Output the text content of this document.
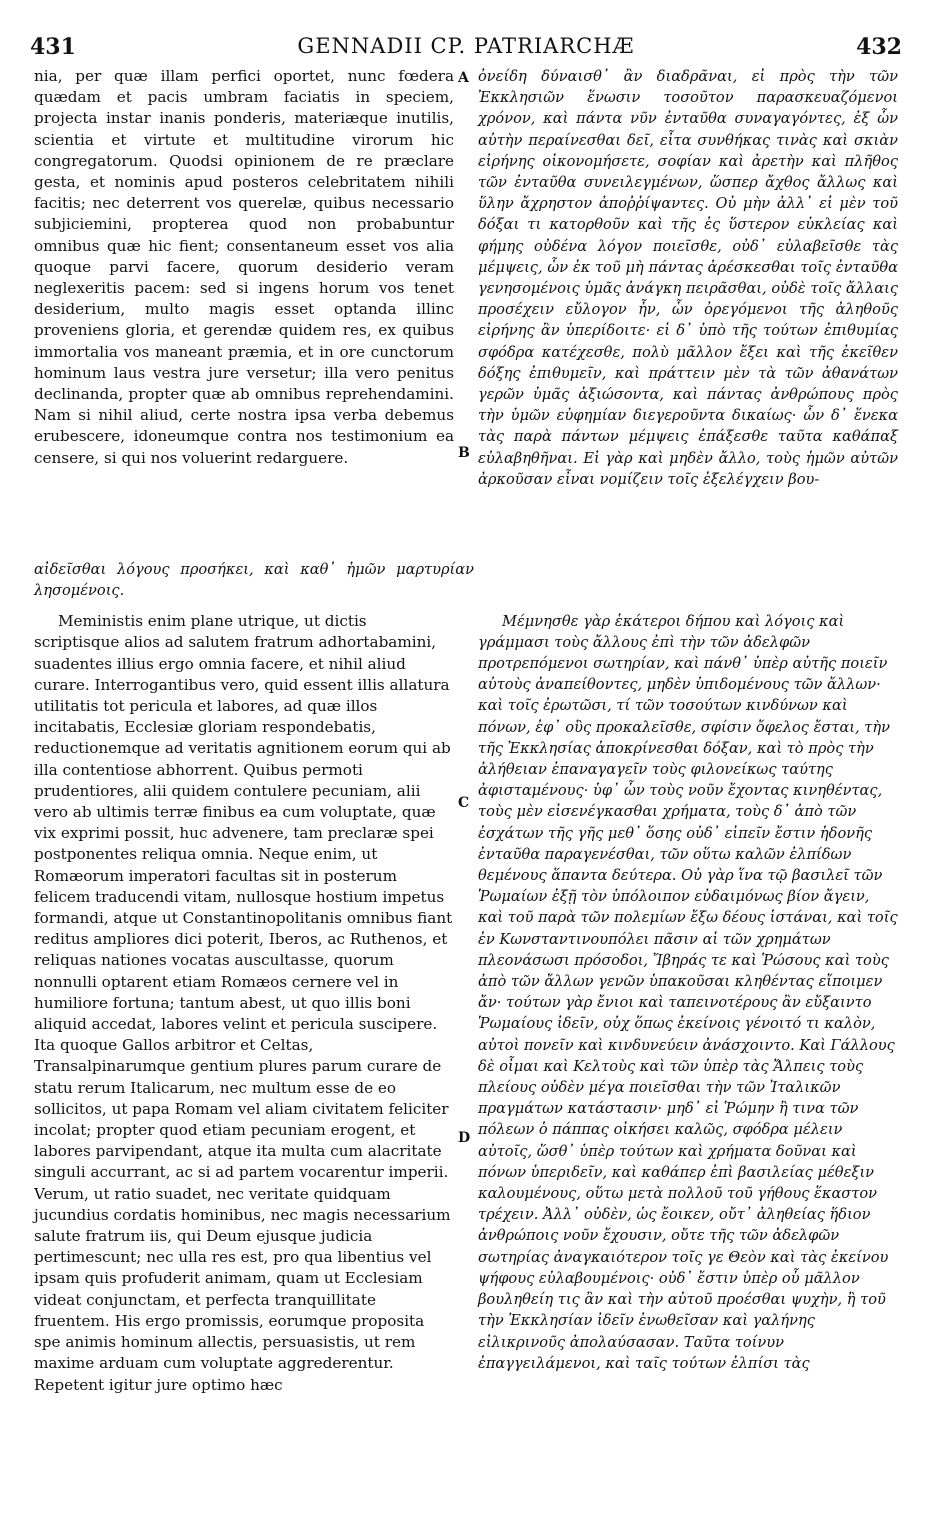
431	GENNADII CP. PATRIARCHÆ	432
A
B
C
D

nia, per quæ illam perfici oportet, nunc fœdera quædam et pacis umbram faciatis in speciem, projecta instar inanis ponderis, materiæque inutilis, scientia et virtute et multitudine virorum hic congregatorum. Quodsi opinionem de re præclare gesta, et nominis apud posteros celebritatem nihili facitis; nec deterrent vos querelæ, quibus necessario subjiciemini, propterea quod non probabuntur omnibus quæ hic fient; consentaneum esset vos alia quoque parvi facere, quorum desiderio veram neglexeritis pacem: sed si ingens horum vos tenet desiderium, multo magis esset optanda illinc proveniens gloria, et gerendæ quidem res, ex quibus immortalia vos maneant præmia, et in ore cunctorum hominum laus vestra jure versetur; illa vero penitus declinanda, propter quæ ab omnibus reprehendamini. Nam si nihil aliud, certe nostra ipsa verba debemus erubescere, idoneumque contra nos testimonium ea censere, si qui nos voluerint redarguere.

ὀνείδη δύναισθ᾽ ἂν διαδρᾶναι, εἰ πρὸς τὴν τῶν Ἐκκλησιῶν ἕνωσιν τοσοῦτον παρασκευαζόμενοι χρόνον, καὶ πάντα νῦν ἐνταῦθα συναγαγόντες, ἐξ ὧν αὐτὴν περαίνεσθαι δεῖ, εἶτα συνθήκας τινὰς καὶ σκιὰν εἰρήνης οἰκονομήσετε, σοφίαν καὶ ἀρετὴν καὶ πλῆθος τῶν ἐνταῦθα συνειλεγμένων, ὥσπερ ἄχθος ἄλλως καὶ ὕλην ἄχρηστον ἀποῤῥίψαντες. Οὐ μὴν ἀλλ᾽ εἰ μὲν τοῦ δόξαι τι κατορθοῦν καὶ τῆς ἐς ὕστερον εὐκλείας καὶ φήμης οὐδένα λόγον ποιεῖσθε, οὐδ᾽ εὐλαβεῖσθε τὰς μέμψεις, ὧν ἐκ τοῦ μὴ πάντας ἀρέσκεσθαι τοῖς ἐνταῦθα γενησομένοις ὑμᾶς ἀνάγκη πειρᾶσθαι, οὐδὲ τοῖς ἄλλαις προσέχειν εὔλογον ἦν, ὧν ὀρεγόμενοι τῆς ἀληθοῦς εἰρήνης ἂν ὑπερίδοιτε· εἰ δ᾽ ὑπὸ τῆς τούτων ἐπιθυμίας σφόδρα κατέχεσθε, πολὺ μᾶλλον ἔξει καὶ τῆς ἐκεῖθεν δόξης ἐπιθυμεῖν, καὶ πράττειν μὲν τὰ τῶν ἀθανάτων γερῶν ὑμᾶς ἀξιώσοντα, καὶ πάντας ἀνθρώπους πρὸς τὴν ὑμῶν εὐφημίαν διεγεροῦντα δικαίως· ὧν δ᾽ ἕνεκα τὰς παρὰ πάντων μέμψεις ἐπάξεσθε ταῦτα καθάπαξ εὐλαβηθῆναι. Εἰ γὰρ καὶ μηδὲν ἄλλο, τοὺς ἡμῶν αὐτῶν ἀρκοῦσαν εἶναι νομίζειν τοῖς ἐξελέγχειν βου-

αἰδεῖσθαι λόγους προσήκει, καὶ καθ᾽ ἡμῶν μαρτυρίαν λησομένοις.

Meministis enim plane utrique, ut dictis scriptisque alios ad salutem fratrum adhortabamini, suadentes illius ergo omnia facere, et nihil aliud curare. Interrogantibus vero, quid essent illis allatura utilitatis tot pericula et labores, ad quæ illos incitabatis, Ecclesiæ gloriam respondebatis, reductionemque ad veritatis agnitionem eorum qui ab illa contentiose abhorrent. Quibus permoti prudentiores, alii quidem contulere pecuniam, alii vero ab ultimis terræ finibus ea cum voluptate, quæ vix exprimi possit, huc advenere, tam preclaræ spei postponentes reliqua omnia. Neque enim, ut Romæorum imperatori facultas sit in posterum felicem traducendi vitam, nullosque hostium impetus formandi, atque ut Constantinopolitanis omnibus fiant reditus ampliores dici poterit, Iberos, ac Ruthenos, et reliquas nationes vocatas auscultasse, quorum nonnulli optarent etiam Romæos cernere vel in humiliore fortuna; tantum abest, ut quo illis boni aliquid accedat, labores velint et pericula suscipere. Ita quoque Gallos arbitror et Celtas, Transalpinarumque gentium plures parum curare de statu rerum Italicarum, nec multum esse de eo sollicitos, ut papa Romam vel aliam civitatem feliciter incolat; propter quod etiam pecuniam erogent, et labores parvipendant, atque ita multa cum alacritate singuli accurrant, ac si ad partem vocarentur imperii. Verum, ut ratio suadet, nec veritate quidquam jucundius cordatis hominibus, nec magis necessarium salute fratrum iis, qui Deum ejusque judicia pertimescunt; nec ulla res est, pro qua libentius vel ipsam quis profuderit animam, quam ut Ecclesiam videat conjunctam, et perfecta tranquillitate fruentem. His ergo promissis, eorumque proposita spe animis hominum allectis, persuasistis, ut rem maxime arduam cum voluptate aggrederentur. Repetent igitur jure optimo hæc

Μέμνησθε γὰρ ἑκάτεροι δήπου καὶ λόγοις καὶ γράμμασι τοὺς ἄλλους ἐπὶ τὴν τῶν ἀδελφῶν προτρεπόμενοι σωτηρίαν, καὶ πάνθ᾽ ὑπὲρ αὐτῆς ποιεῖν αὐτοὺς ἀναπείθοντες, μηδὲν ὑπιδομένους τῶν ἄλλων· καὶ τοῖς ἐρωτῶσι, τί τῶν τοσούτων κινδύνων καὶ πόνων, ἐφ᾽ οὓς προκαλεῖσθε, σφίσιν ὄφελος ἔσται, τὴν τῆς Ἐκκλησίας ἀποκρίνεσθαι δόξαν, καὶ τὸ πρὸς τὴν ἀλήθειαν ἐπαναγαγεῖν τοὺς φιλονείκως ταύτης ἀφισταμένους· ὑφ᾽ ὧν τοὺς νοῦν ἔχοντας κινηθέντας, τοὺς μὲν εἰσενέγκασθαι χρήματα, τοὺς δ᾽ ἀπὸ τῶν ἐσχάτων τῆς γῆς μεθ᾽ ὅσης οὐδ᾽ εἰπεῖν ἔστιν ἡδονῆς ἐνταῦθα παραγενέσθαι, τῶν οὕτω καλῶν ἐλπίδων θεμένους ἅπαντα δεύτερα. Οὐ γὰρ ἵνα τῷ βασιλεῖ τῶν Ῥωμαίων ἐξῇ τὸν ὑπόλοιπον εὐδαιμόνως βίον ἄγειν, καὶ τοῦ παρὰ τῶν πολεμίων ἔξω δέους ἱστάναι, καὶ τοῖς ἐν Κωνσταντινουπόλει πᾶσιν αἱ τῶν χρημάτων πλεονάσωσι πρόσοδοι, Ἴβηράς τε καὶ Ῥώσους καὶ τοὺς ἀπὸ τῶν ἄλλων γενῶν ὑπακοῦσαι κληθέντας εἴποιμεν ἄν· τούτων γὰρ ἔνιοι καὶ ταπεινοτέρους ἂν εὔξαιντο Ῥωμαίους ἰδεῖν, οὐχ ὅπως ἐκείνοις γένοιτό τι καλὸν, αὐτοὶ πονεῖν καὶ κινδυνεύειν ἀνάσχοιντο. Καὶ Γάλλους δὲ οἶμαι καὶ Κελτοὺς καὶ τῶν ὑπὲρ τὰς Ἄλπεις τοὺς πλείους οὐδὲν μέγα ποιεῖσθαι τὴν τῶν Ἰταλικῶν πραγμάτων κατάστασιν· μηδ᾽ εἰ Ῥώμην ἢ τινα τῶν πόλεων ὁ πάππας οἰκήσει καλῶς, σφόδρα μέλειν αὐτοῖς, ὥσθ᾽ ὑπὲρ τούτων καὶ χρήματα δοῦναι καὶ πόνων ὑπεριδεῖν, καὶ καθάπερ ἐπὶ βασιλείας μέθεξιν καλουμένους, οὕτω μετὰ πολλοῦ τοῦ γήθους ἕκαστον τρέχειν. Ἀλλ᾽ οὐδὲν, ὡς ἔοικεν, οὔτ᾽ ἀληθείας ἥδιον ἀνθρώποις νοῦν ἔχουσιν, οὔτε τῆς τῶν ἀδελφῶν σωτηρίας ἀναγκαιότερον τοῖς γε Θεὸν καὶ τὰς ἐκείνου ψήφους εὐλαβουμένοις· οὐδ᾽ ἔστιν ὑπὲρ οὗ μᾶλλον βουληθείη τις ἂν καὶ τὴν αὐτοῦ προέσθαι ψυχὴν, ἢ τοῦ τὴν Ἐκκλησίαν ἰδεῖν ἑνωθεῖσαν καὶ γαλήνης εἰλικρινοῦς ἀπολαύσασαν. Ταῦτα τοίνυν ἐπαγγειλάμενοι, καὶ ταῖς τούτων ἐλπίσι τὰς
